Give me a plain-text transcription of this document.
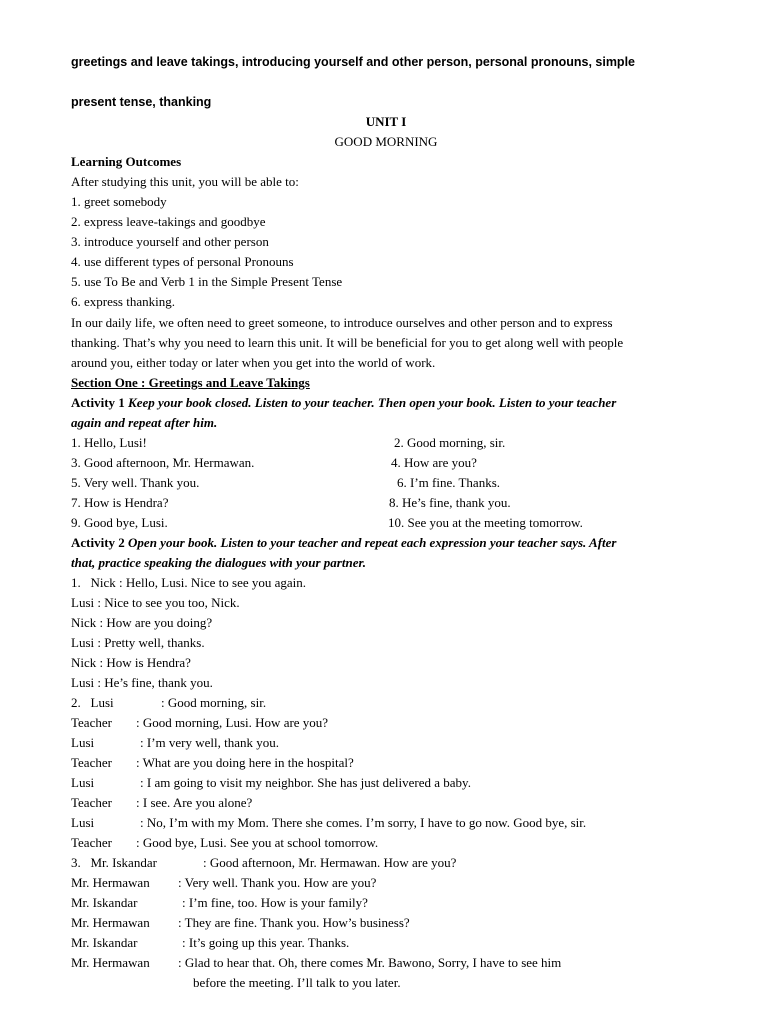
greetings and leave takings, introducing yourself and other person, personal pronouns, simple
present tense, thanking
UNIT I
GOOD MORNING
Learning Outcomes
After studying this unit, you will be able to:
1. greet somebody
2. express leave-takings and goodbye
3. introduce yourself and other person
4. use different types of personal Pronouns
5. use To Be and Verb 1 in the Simple Present Tense
6. express thanking.
In our daily life, we often need to greet someone, to introduce ourselves and other person and to express
thanking. That’s why you need to learn this unit. It will be beneficial for you to get along well with people
around you, either today or later when you get into the world of work.
Section One : Greetings and Leave Takings
Activity 1 Keep your book closed. Listen to your teacher. Then open your book. Listen to your teacher
again and repeat after him.
1. Hello, Lusi!	2. Good morning, sir.
3. Good afternoon, Mr. Hermawan.	4. How are you?
5. Very well. Thank you.	6. I’m fine. Thanks.
7. How is Hendra?	8. He’s fine, thank you.
9. Good bye, Lusi.	10. See you at the meeting tomorrow.
Activity 2 Open your book. Listen to your teacher and repeat each expression your teacher says. After
that, practice speaking the dialogues with your partner.
1.   Nick : Hello, Lusi. Nice to see you again.
Lusi : Nice to see you too, Nick.
Nick : How are you doing?
Lusi : Pretty well, thanks.
Nick : How is Hendra?
Lusi : He’s fine, thank you.
2.   Lusi	: Good morning, sir.
Teacher : Good morning, Lusi. How are you?
Lusi	: I’m very well, thank you.
Teacher : What are you doing here in the hospital?
Lusi	: I am going to visit my neighbor. She has just delivered a baby.
Teacher : I see. Are you alone?
Lusi	: No, I’m with my Mom. There she comes. I’m sorry, I have to go now. Good bye, sir.
Teacher : Good bye, Lusi. See you at school tomorrow.
3.   Mr. Iskandar	: Good afternoon, Mr. Hermawan. How are you?
Mr. Hermawan : Very well. Thank you. How are you?
Mr. Iskandar	: I’m fine, too. How is your family?
Mr. Hermawan : They are fine. Thank you. How’s business?
Mr. Iskandar	: It’s going up this year. Thanks.
Mr. Hermawan : Glad to hear that. Oh, there comes Mr. Bawono, Sorry, I have to see him
before the meeting. I’ll talk to you later.
